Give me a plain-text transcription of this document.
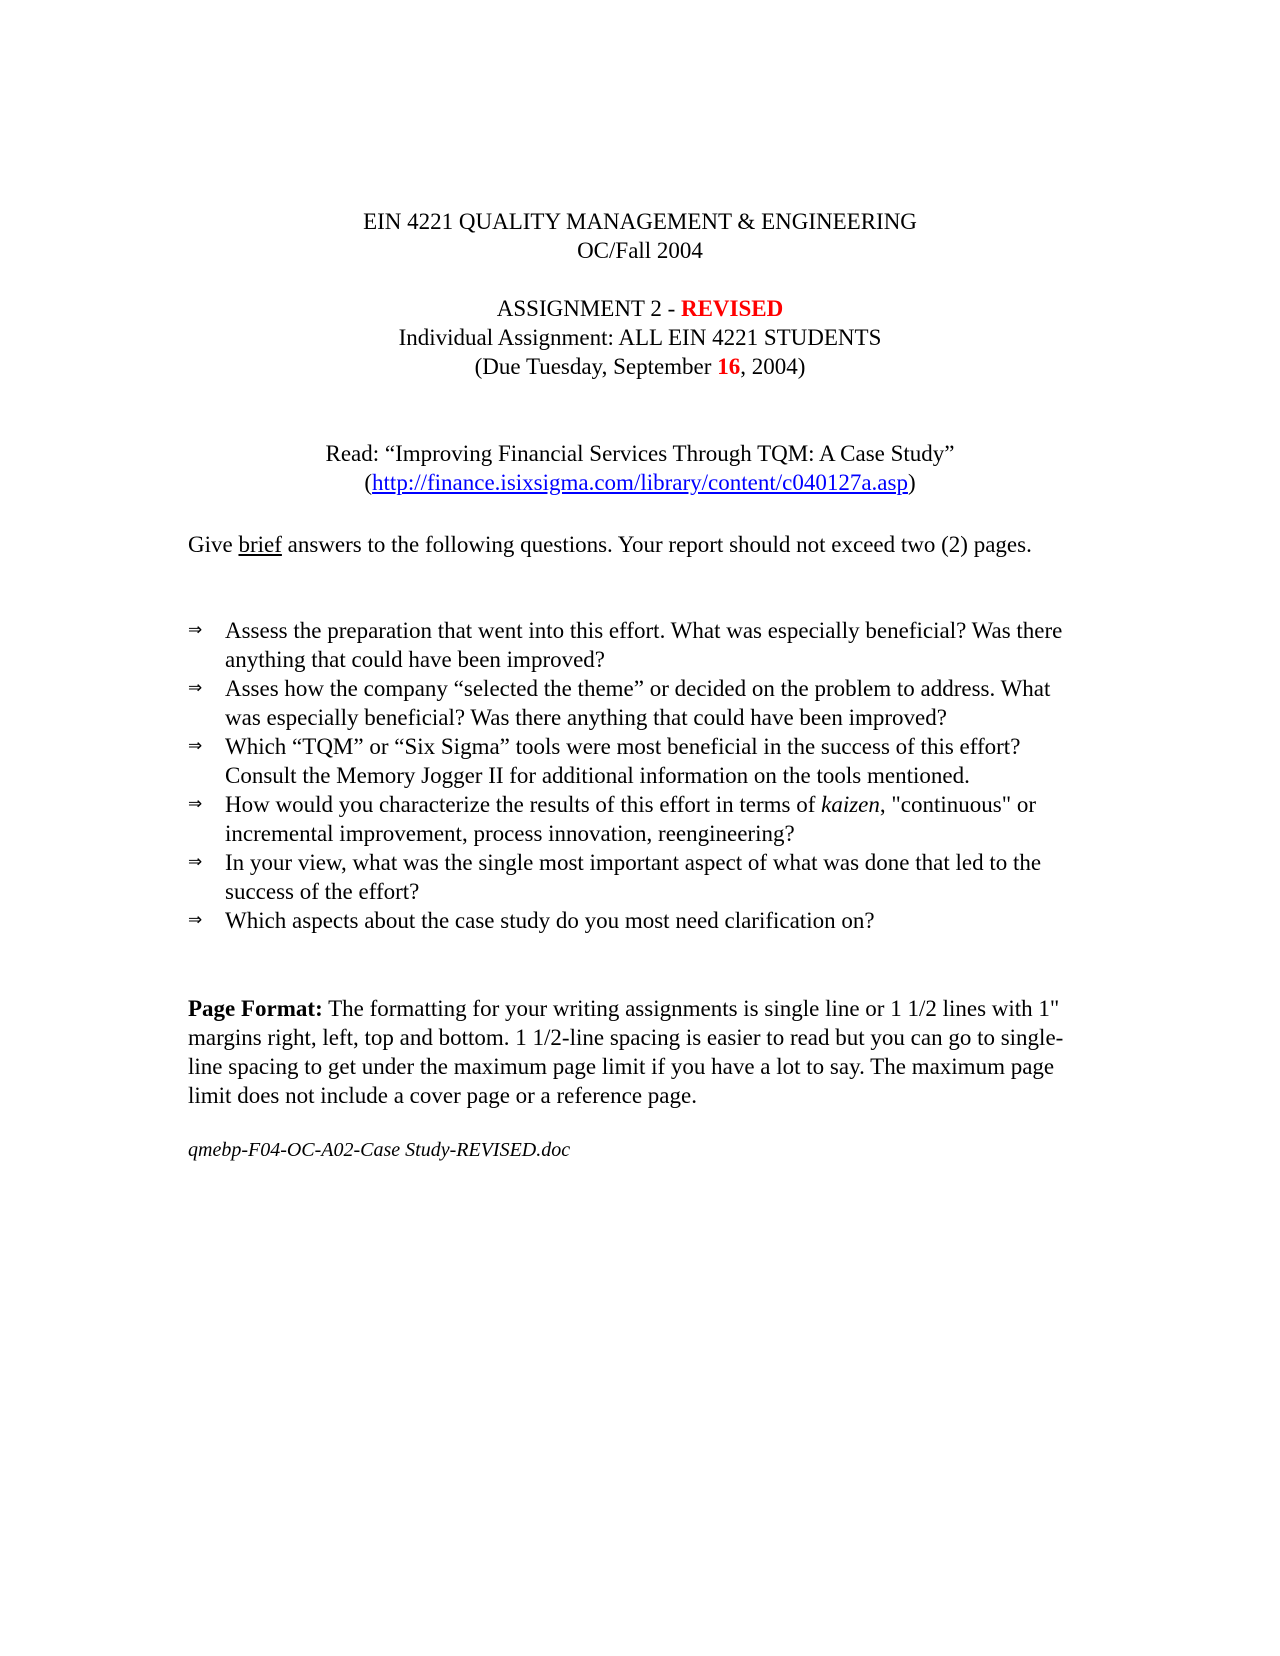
EIN 4221 QUALITY MANAGEMENT & ENGINEERING
OC/Fall 2004
ASSIGNMENT 2 - REVISED
Individual Assignment: ALL EIN 4221 STUDENTS
(Due Tuesday, September 16, 2004)
Read: “Improving Financial Services Through TQM: A Case Study”
(http://finance.isixsigma.com/library/content/c040127a.asp)
Give brief answers to the following questions. Your report should not exceed two (2) pages.
⇒ Assess the preparation that went into this effort. What was especially beneficial? Was there anything that could have been improved?
⇒ Asses how the company “selected the theme” or decided on the problem to address. What was especially beneficial? Was there anything that could have been improved?
⇒ Which “TQM” or “Six Sigma” tools were most beneficial in the success of this effort? Consult the Memory Jogger II for additional information on the tools mentioned.
⇒ How would you characterize the results of this effort in terms of kaizen, "continuous" or incremental improvement, process innovation, reengineering?
⇒ In your view, what was the single most important aspect of what was done that led to the success of the effort?
⇒ Which aspects about the case study do you most need clarification on?
Page Format: The formatting for your writing assignments is single line or 1 1/2 lines with 1" margins right, left, top and bottom. 1 1/2-line spacing is easier to read but you can go to single-line spacing to get under the maximum page limit if you have a lot to say. The maximum page limit does not include a cover page or a reference page.
qmebp-F04-OC-A02-Case Study-REVISED.doc
